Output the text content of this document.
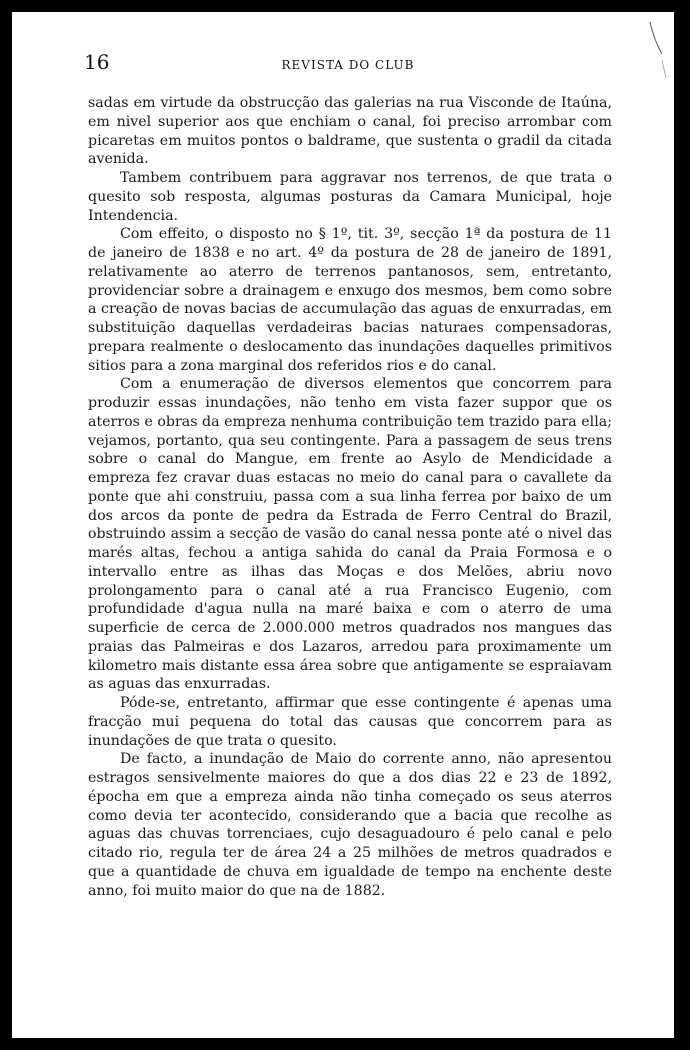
16	REVISTA DO CLUB

sadas em virtude da obstrucção das galerias na rua Visconde de Itaúna, em nivel superior aos que enchiam o canal, foi preciso arrombar com picaretas em muitos pontos o baldrame, que sustenta o gradil da citada avenida.

Tambem contribuem para aggravar nos terrenos, de que trata o quesito sob resposta, algumas posturas da Camara Municipal, hoje Intendencia.

Com effeito, o disposto no § 1º, tit. 3º, secção 1ª da postura de 11 de janeiro de 1838 e no art. 4º da postura de 28 de janeiro de 1891, relativamente ao aterro de terrenos pantanosos, sem, entretanto, providenciar sobre a drainagem e enxugo dos mesmos, bem como sobre a creação de novas bacias de accumulação das aguas de enxurradas, em substituição daquellas verdadeiras bacias naturaes compensadoras, prepara realmente o deslocamento das inundações daquelles primitivos sitios para a zona marginal dos referidos rios e do canal.

Com a enumeração de diversos elementos que concorrem para produzir essas inundações, não tenho em vista fazer suppor que os aterros e obras da empreza nenhuma contribuição tem trazido para ella; vejamos, portanto, qua seu contingente. Para a passagem de seus trens sobre o canal do Mangue, em frente ao Asylo de Mendicidade a empreza fez cravar duas estacas no meio do canal para o cavallete da ponte que ahi construiu, passa com a sua linha ferrea por baixo de um dos arcos da ponte de pedra da Estrada de Ferro Central do Brazil, obstruindo assim a secção de vasão do canal nessa ponte até o nivel das marés altas, fechou a antiga sahida do canal da Praia Formosa e o intervallo entre as ilhas das Moças e dos Melões, abriu novo prolongamento para o canal até a rua Francisco Eugenio, com profundidade d'agua nulla na maré baixa e com o aterro de uma superficie de cerca de 2.000.000 metros quadrados nos mangues das praias das Palmeiras e dos Lazaros, arredou para proximamente um kilometro mais distante essa área sobre que antigamente se espraiavam as aguas das enxurradas.

Póde-se, entretanto, affirmar que esse contingente é apenas uma fracção mui pequena do total das causas que concorrem para as inundações de que trata o quesito.

De facto, a inundação de Maio do corrente anno, não apresentou estragos sensivelmente maiores do que a dos dias 22 e 23 de 1892, épocha em que a empreza ainda não tinha começado os seus aterros como devia ter acontecido, considerando que a bacia que recolhe as aguas das chuvas torrenciaes, cujo desaguadouro é pelo canal e pelo citado rio, regula ter de área 24 a 25 milhões de metros quadrados e que a quantidade de chuva em igualdade de tempo na enchente deste anno, foi muito maior do que na de 1882.
